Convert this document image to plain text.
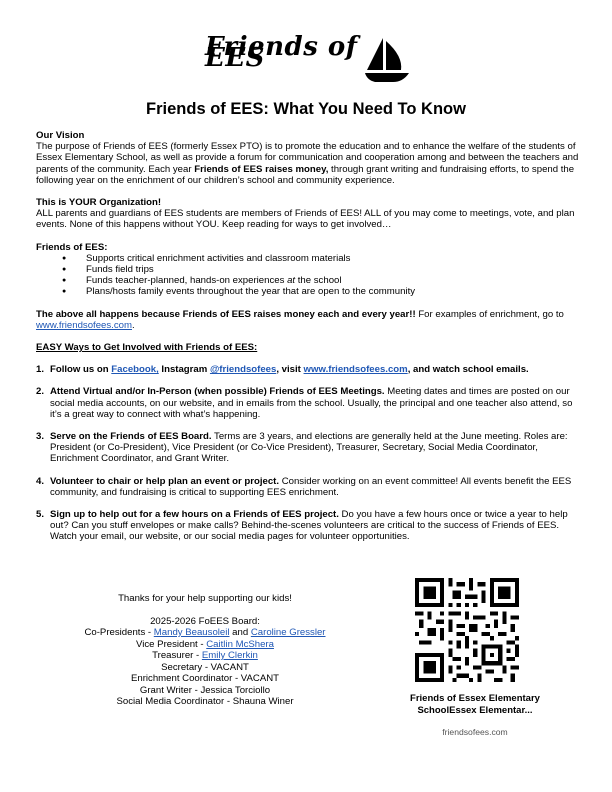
Friends of EES
Friends of EES: What You Need To Know

Our Vision

The purpose of Friends of EES (formerly Essex PTO) is to promote the education and to enhance the welfare of the students of Essex Elementary School, as well as provide a forum for communication and cooperation among and between the teachers and parents of the community. Each year Friends of EES raises money, through grant writing and fundraising efforts, to spend the following year on the enrichment of our children’s school and community experience.

This is YOUR Organization!

ALL parents and guardians of EES students are members of Friends of EES! ALL of you may come to meetings, vote, and plan events. None of this happens without YOU. Keep reading for ways to get involved…

Friends of EES:

● Supports critical enrichment activities and classroom materials
● Funds field trips
● Funds teacher-planned, hands-on experiences at the school
● Plans/hosts family events throughout the year that are open to the community

The above all happens because Friends of EES raises money each and every year!! For examples of enrichment, go to www.friendsofees.com.

EASY Ways to Get Involved with Friends of EES:

1. Follow us on Facebook, Instagram @friendsofees, visit www.friendsofees.com, and watch school emails.
2. Attend Virtual and/or In-Person (when possible) Friends of EES Meetings. Meeting dates and times are posted on our social media accounts, on our website, and in emails from the school. Usually, the principal and one teacher also attend, so it’s a great way to connect with what’s happening.
3. Serve on the Friends of EES Board. Terms are 3 years, and elections are generally held at the June meeting. Roles are: President (or Co-President), Vice President (or Co-Vice President), Treasurer, Secretary, Social Media Coordinator, Enrichment Coordinator, and Grant Writer.
4. Volunteer to chair or help plan an event or project. Consider working on an event committee! All events benefit the EES community, and fundraising is critical to supporting EES enrichment.
5. Sign up to help out for a few hours on a Friends of EES project. Do you have a few hours once or twice a year to help out? Can you stuff envelopes or make calls? Behind-the-scenes volunteers are critical to the success of Friends of EES. Watch your email, our website, or our social media pages for volunteer opportunities.
Thanks for your help supporting our kids!
2025-2026 FoEES Board:
Co-Presidents - Mandy Beausoleil and Caroline Gressler
Vice President - Caitlin McShera
Treasurer - Emily Clerkin
Secretary - VACANT
Enrichment Coordinator - VACANT
Grant Writer - Jessica Torciollo
Social Media Coordinator - Shauna Winer	Friends of Essex Elementary
SchoolEssex Elementar...
friendsofees.com
